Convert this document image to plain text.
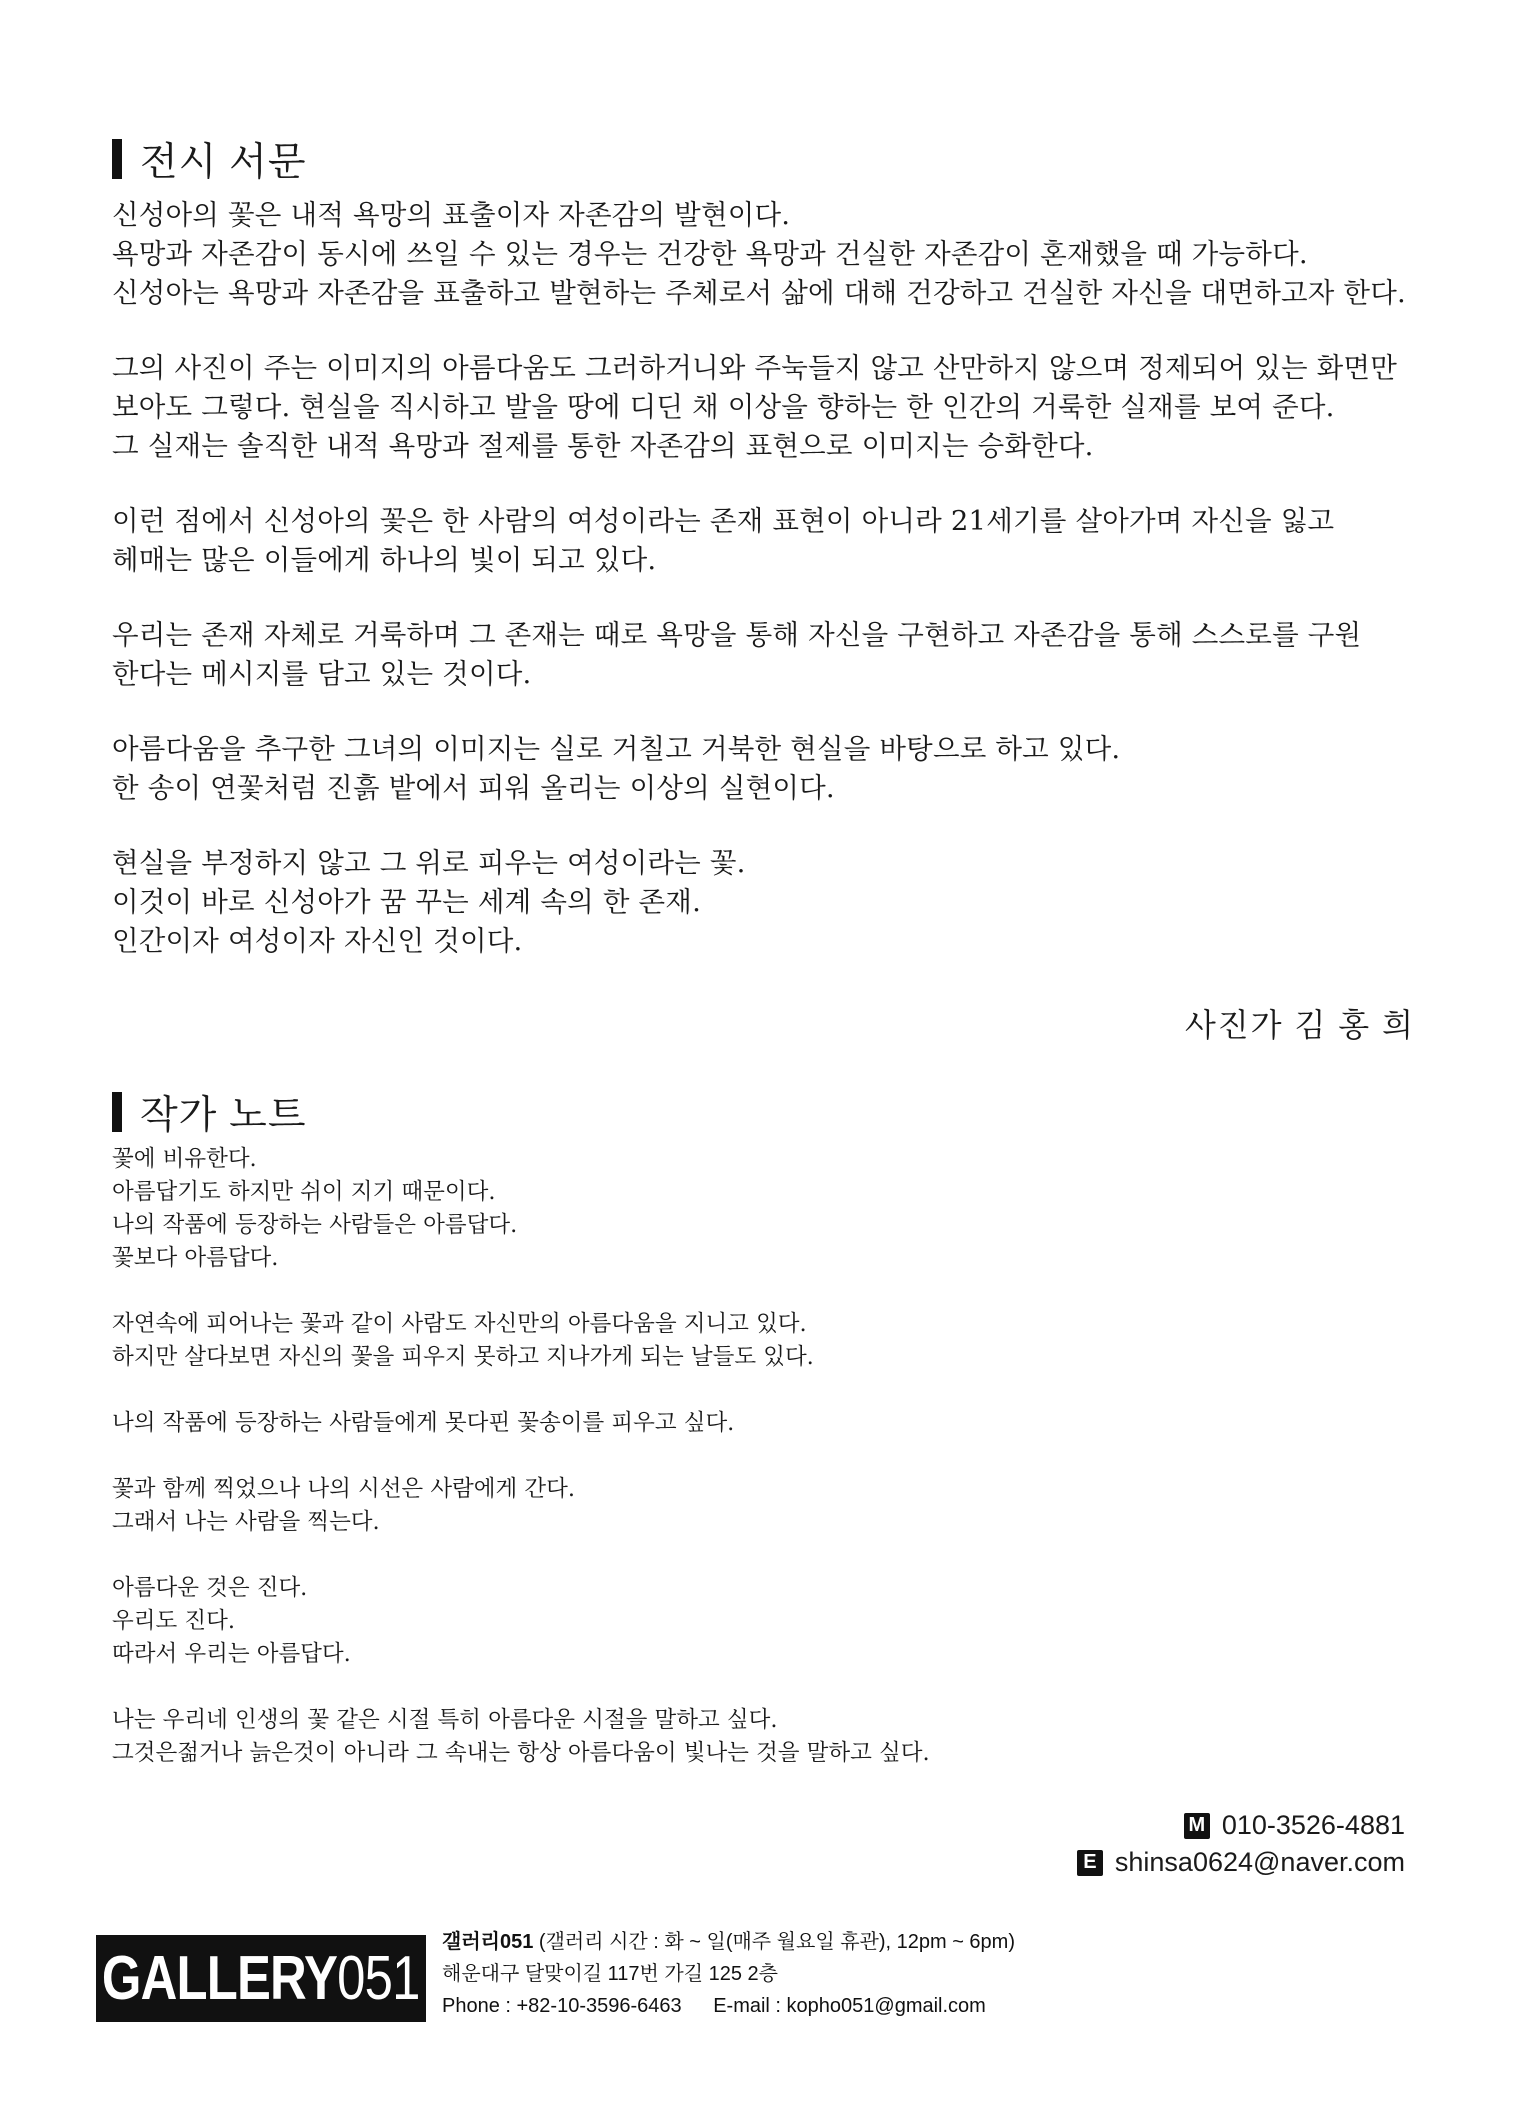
전시 서문

신성아의 꽃은 내적 욕망의 표출이자 자존감의 발현이다.
욕망과 자존감이 동시에 쓰일 수 있는 경우는 건강한 욕망과 건실한 자존감이 혼재했을 때 가능하다.
신성아는 욕망과 자존감을 표출하고 발현하는 주체로서 삶에 대해 건강하고 건실한 자신을 대면하고자 한다.

그의 사진이 주는 이미지의 아름다움도 그러하거니와 주눅들지 않고 산만하지 않으며 정제되어 있는 화면만
보아도 그렇다. 현실을 직시하고 발을 땅에 디딘 채 이상을 향하는 한 인간의 거룩한 실재를 보여 준다.
그 실재는 솔직한 내적 욕망과 절제를 통한 자존감의 표현으로 이미지는 승화한다.

이런 점에서 신성아의 꽃은 한 사람의 여성이라는 존재 표현이 아니라 21세기를 살아가며 자신을 잃고
헤매는 많은 이들에게 하나의 빛이 되고 있다.

우리는 존재 자체로 거룩하며 그 존재는 때로 욕망을 통해 자신을 구현하고 자존감을 통해 스스로를 구원
한다는 메시지를 담고 있는 것이다.

아름다움을 추구한 그녀의 이미지는 실로 거칠고 거북한 현실을 바탕으로 하고 있다.
한 송이 연꽃처럼 진흙 밭에서 피워 올리는 이상의 실현이다.

현실을 부정하지 않고 그 위로 피우는 여성이라는 꽃.
이것이 바로 신성아가 꿈 꾸는 세계 속의 한 존재.
인간이자 여성이자 자신인 것이다.

사진가 김 홍 희
작가 노트

꽃에 비유한다.
아름답기도 하지만 쉬이 지기 때문이다.
나의 작품에 등장하는 사람들은 아름답다.
꽃보다 아름답다.

자연속에 피어나는 꽃과 같이 사람도 자신만의 아름다움을 지니고 있다.
하지만 살다보면 자신의 꽃을 피우지 못하고 지나가게 되는 날들도 있다.

나의 작품에 등장하는 사람들에게 못다핀 꽃송이를 피우고 싶다.

꽃과 함께 찍었으나 나의 시선은 사람에게 간다.
그래서 나는 사람을 찍는다.

아름다운 것은 진다.
우리도 진다.
따라서 우리는 아름답다.

나는 우리네 인생의 꽃 같은 시절 특히 아름다운 시절을 말하고 싶다.
그것은젊거나 늙은것이 아니라 그 속내는 항상 아름다움이 빛나는 것을 말하고 싶다.

M 010-3526-4881
E shinsa0624@naver.com
GALLERY051
갤러리051 (갤러리 시간 : 화 ~ 일(매주 월요일 휴관), 12pm ~ 6pm)
해운대구 달맞이길 117번 가길 125 2층
Phone : +82-10-3596-6463 E-mail : kopho051@gmail.com
